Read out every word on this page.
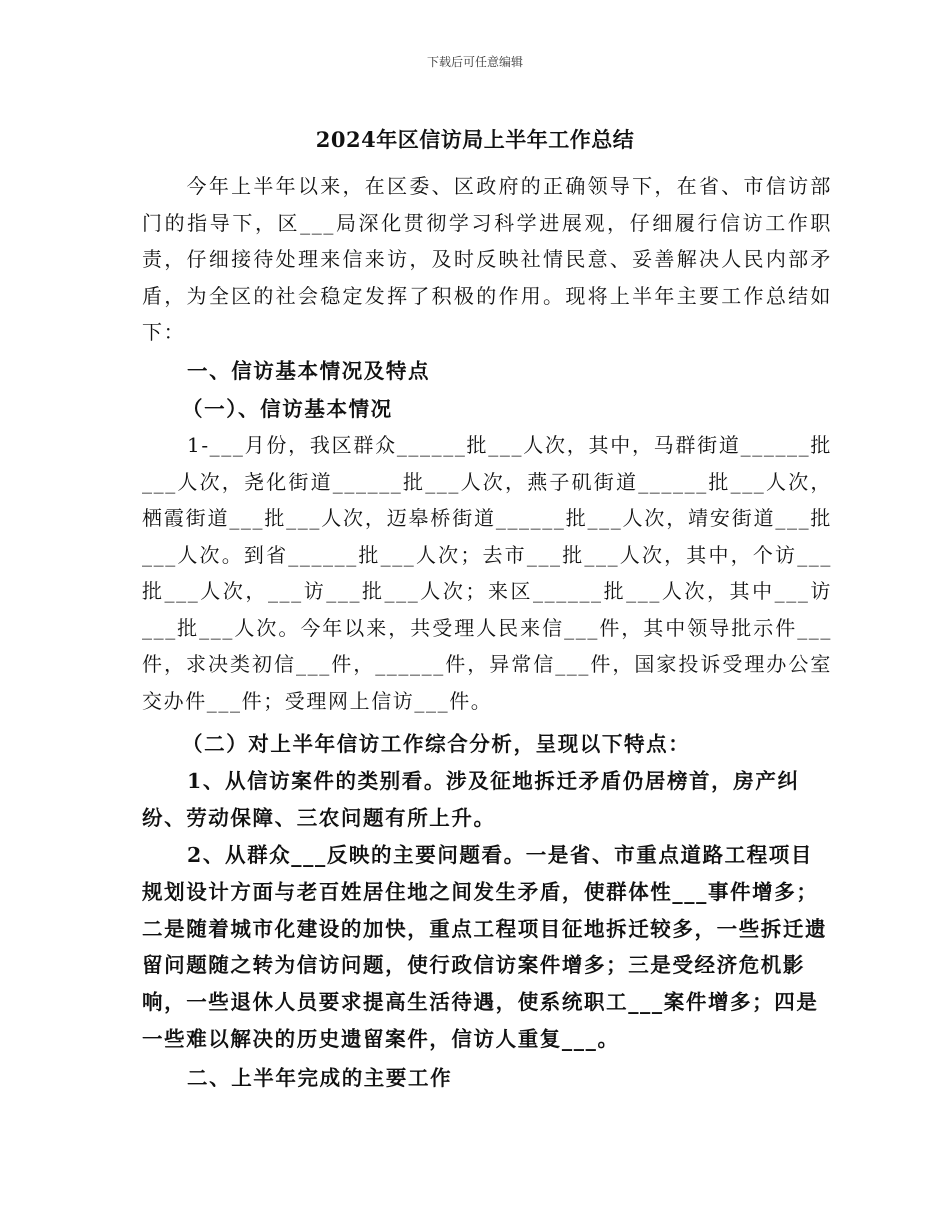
下载后可任意编辑
2024年区信访局上半年工作总结

　　今年上半年以来，在区委、区政府的正确领导下，在省、市信访部门的指导下，区___局深化贯彻学习科学进展观，仔细履行信访工作职责，仔细接待处理来信来访，及时反映社情民意、妥善解决人民内部矛盾，为全区的社会稳定发挥了积极的作用。现将上半年主要工作总结如下：

一、信访基本情况及特点

（一）、信访基本情况

1-___月份，我区群众______批___人次，其中，马群街道______批___人次，尧化街道______批___人次，燕子矶街道______批___人次，栖霞街道___批___人次，迈皋桥街道______批___人次，靖安街道___批___人次。到省______批___人次；去市___批___人次，其中，个访___批___人次，___访___批___人次；来区______批___人次，其中___访___批___人次。今年以来，共受理人民来信___件，其中领导批示件___件，求决类初信___件，______件，异常信___件，国家投诉受理办公室交办件___件；受理网上信访___件。

（二）对上半年信访工作综合分析，呈现以下特点：

1、从信访案件的类别看。涉及征地拆迁矛盾仍居榜首，房产纠纷、劳动保障、三农问题有所上升。

2、从群众___反映的主要问题看。一是省、市重点道路工程项目规划设计方面与老百姓居住地之间发生矛盾，使群体性___事件增多；二是随着城市化建设的加快，重点工程项目征地拆迁较多，一些拆迁遗留问题随之转为信访问题，使行政信访案件增多；三是受经济危机影响，一些退休人员要求提高生活待遇，使系统职工___案件增多；四是一些难以解决的历史遗留案件，信访人重复___。

二、上半年完成的主要工作
